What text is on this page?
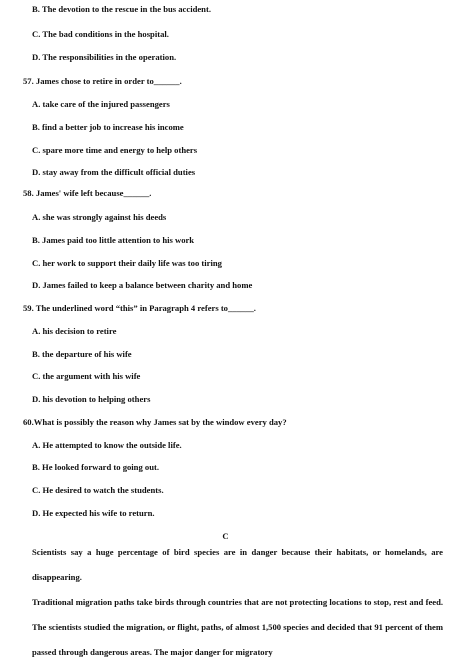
B. The devotion to the rescue in the bus accident.
C. The bad conditions in the hospital.
D. The responsibilities in the operation.
57. James chose to retire in order to______.
A. take care of the injured passengers
B. find a better job to increase his income
C. spare more time and energy to help others
D. stay away from the difficult official duties
58. James' wife left because______.
A. she was strongly against his deeds
B. James paid too little attention to his work
C. her work to support their daily life was too tiring
D. James failed to keep a balance between charity and home
59. The underlined word “this” in Paragraph 4 refers to______.
A. his decision to retire
B. the departure of his wife
C. the argument with his wife
D. his devotion to helping others
60.What is possibly the reason why James sat by the window every day?
A. He attempted to know the outside life.
B. He looked forward to going out.
C. He desired to watch the students.
D. He expected his wife to return.
C
Scientists say a huge percentage of bird species are in danger because their habitats, or homelands, are disappearing.
Traditional migration paths take birds through countries that are not protecting locations to stop, rest and feed. The scientists studied the migration, or flight, paths, of almost 1,500 species and decided that 91 percent of them passed through dangerous areas. The major danger for migratory
